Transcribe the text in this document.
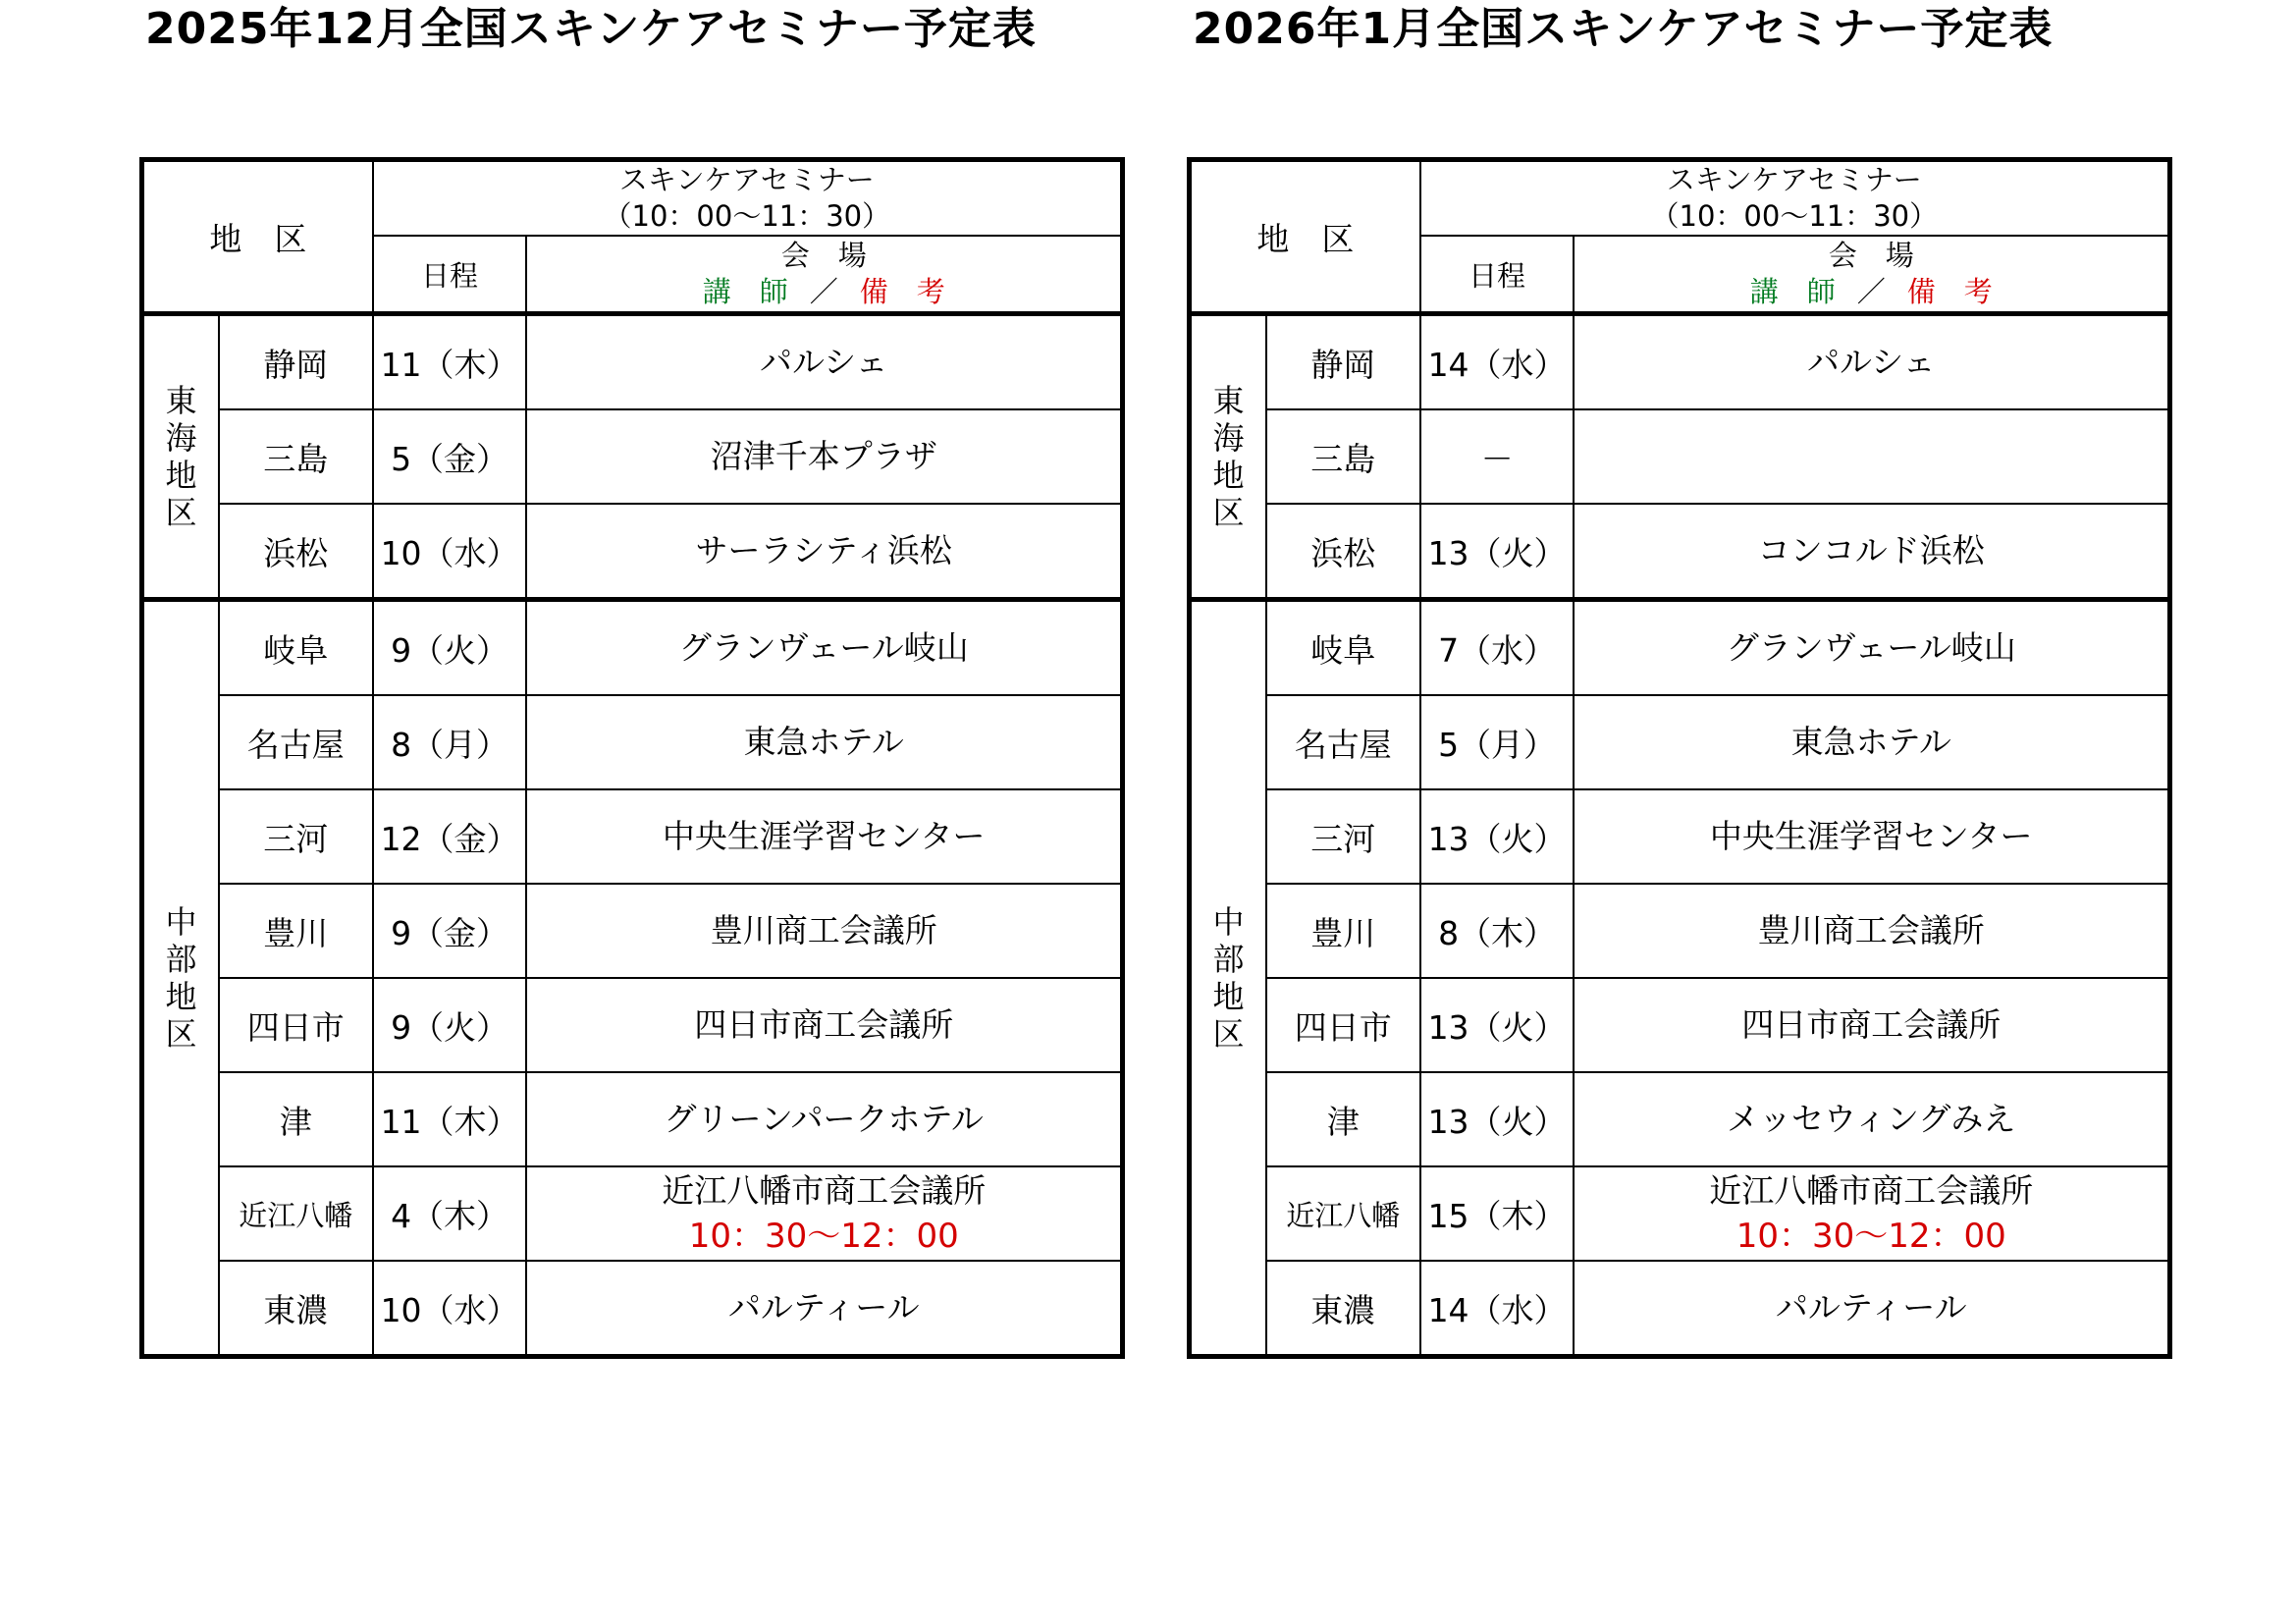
2025年12月全国スキンケアセミナー予定表
地　区		スキンケアセミナー
（10：00～11：30）	

		日程	会　場
講　師 ／ 備　考

東
海
地
区	静岡	11（木）	パルシェ

	三島	5（金）	沼津千本プラザ

	浜松	10（水）	サーラシティ浜松

中
部
地
区	岐阜	9（火）	グランヴェール岐山

	名古屋	8（月）	東急ホテル

	三河	12（金）	中央生涯学習センター

	豊川	9（金）	豊川商工会議所

	四日市	9（火）	四日市商工会議所

	津	11（木）	グリーンパークホテル

	近江八幡	4（木）	近江八幡市商工会議所
10：30～12：00

	東濃	10（水）	パルティール
2026年1月全国スキンケアセミナー予定表
地　区		スキンケアセミナー
（10：00～11：30）	

		日程	会　場
講　師 ／ 備　考

東
海
地
区	静岡	14（水）	パルシェ

	三島	－	

	浜松	13（火）	コンコルド浜松

中
部
地
区	岐阜	7（水）	グランヴェール岐山

	名古屋	5（月）	東急ホテル

	三河	13（火）	中央生涯学習センター

	豊川	8（木）	豊川商工会議所

	四日市	13（火）	四日市商工会議所

	津	13（火）	メッセウィングみえ

	近江八幡	15（木）	近江八幡市商工会議所
10：30～12：00

	東濃	14（水）	パルティール
